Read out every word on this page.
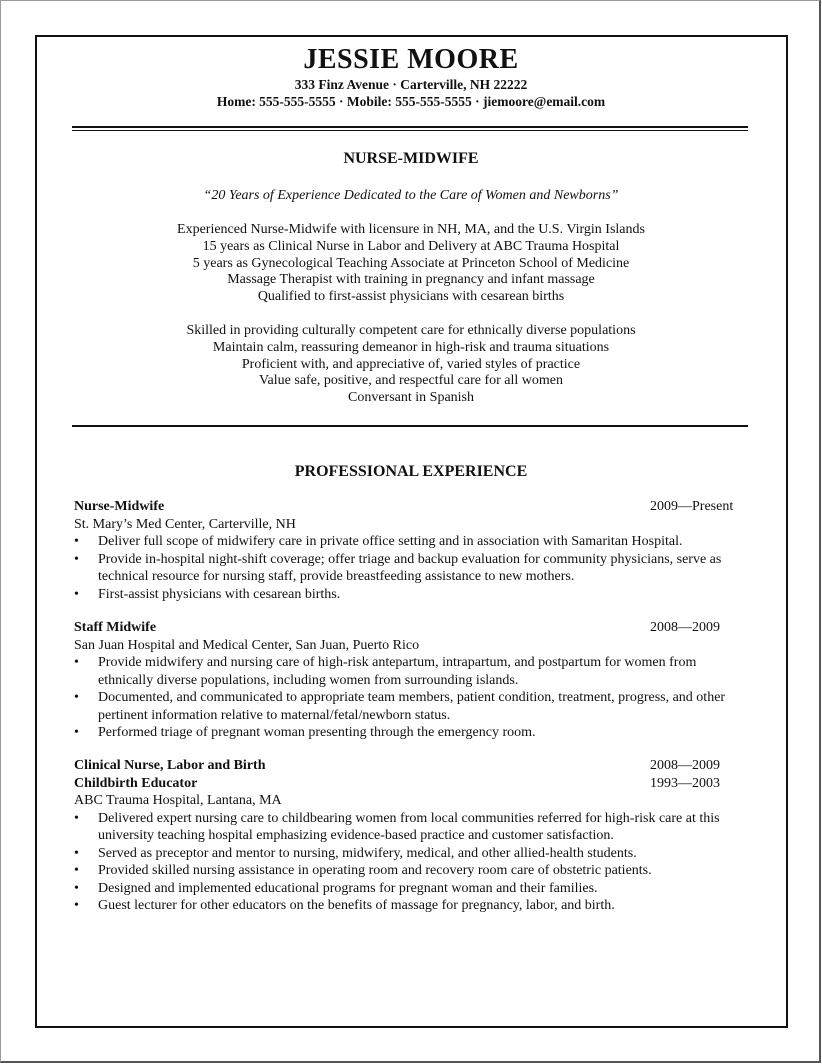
JESSIE MOORE
333 Finz Avenue · Carterville, NH 22222
Home: 555-555-5555 · Mobile: 555-555-5555 · jiemoore@email.com
NURSE-MIDWIFE
“20 Years of Experience Dedicated to the Care of Women and Newborns”
Experienced Nurse-Midwife with licensure in NH, MA, and the U.S. Virgin Islands
15 years as Clinical Nurse in Labor and Delivery at ABC Trauma Hospital
5 years as Gynecological Teaching Associate at Princeton School of Medicine
Massage Therapist with training in pregnancy and infant massage
Qualified to first-assist physicians with cesarean births
Skilled in providing culturally competent care for ethnically diverse populations
Maintain calm, reassuring demeanor in high-risk and trauma situations
Proficient with, and appreciative of, varied styles of practice
Value safe, positive, and respectful care for all women
Conversant in Spanish
PROFESSIONAL EXPERIENCE
Nurse-Midwife	2009—Present
St. Mary’s Med Center, Carterville, NH
•	Deliver full scope of midwifery care in private office setting and in association with Samaritan Hospital.
•	Provide in-hospital night-shift coverage; offer triage and backup evaluation for community physicians, serve as technical resource for nursing staff, provide breastfeeding assistance to new mothers.
•	First-assist physicians with cesarean births.
Staff Midwife	2008—2009
San Juan Hospital and Medical Center, San Juan, Puerto Rico
•	Provide midwifery and nursing care of high-risk antepartum, intrapartum, and postpartum for women from ethnically diverse populations, including women from surrounding islands.
•	Documented, and communicated to appropriate team members, patient condition, treatment, progress, and other pertinent information relative to maternal/fetal/newborn status.
•	Performed triage of pregnant woman presenting through the emergency room.
Clinical Nurse, Labor and Birth	2008—2009
Childbirth Educator	1993—2003
ABC Trauma Hospital, Lantana, MA
•	Delivered expert nursing care to childbearing women from local communities referred for high-risk care at this university teaching hospital emphasizing evidence-based practice and customer satisfaction.
•	Served as preceptor and mentor to nursing, midwifery, medical, and other allied-health students.
•	Provided skilled nursing assistance in operating room and recovery room care of obstetric patients.
•	Designed and implemented educational programs for pregnant woman and their families.
•	Guest lecturer for other educators on the benefits of massage for pregnancy, labor, and birth.
